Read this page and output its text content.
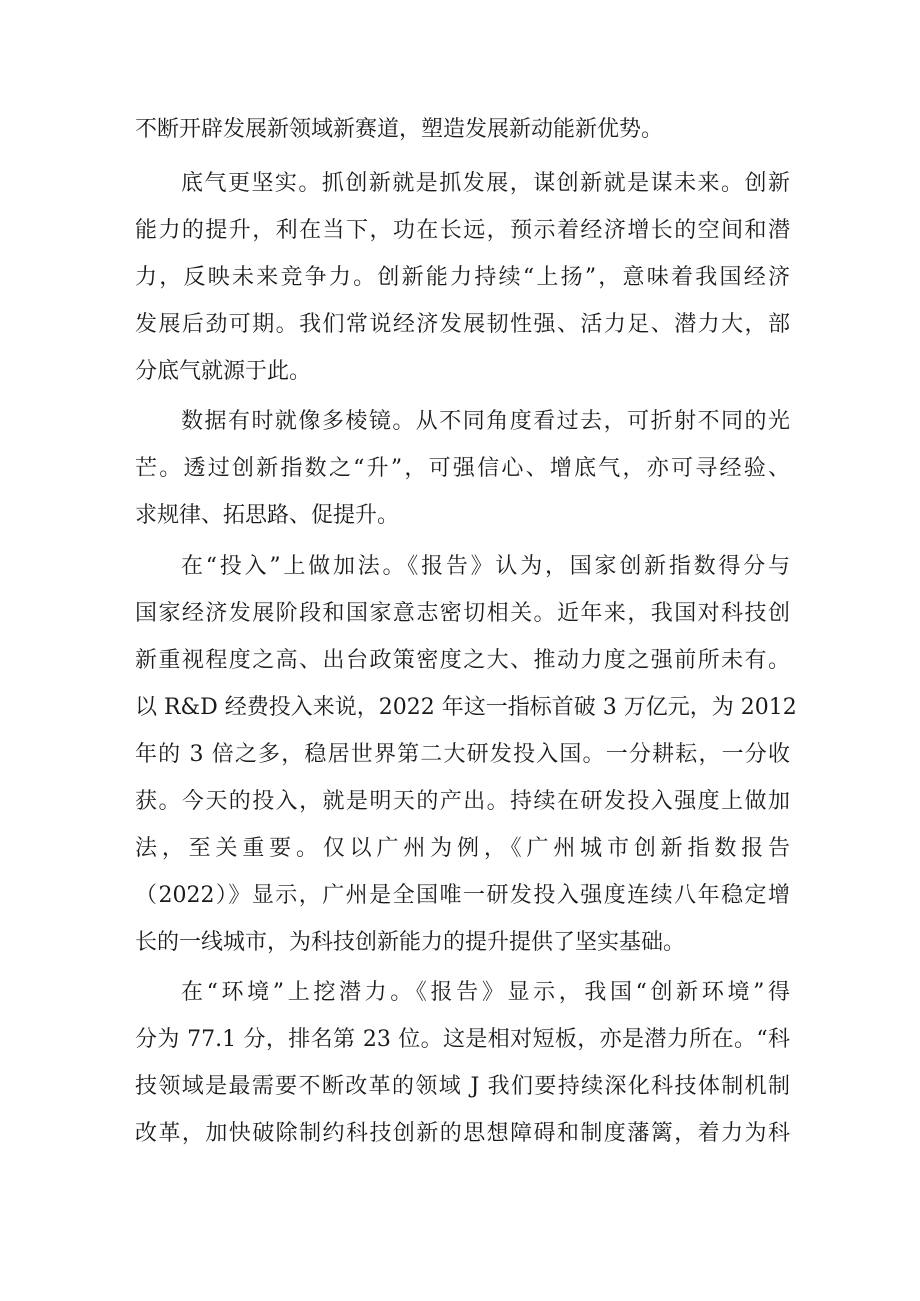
不断开辟发展新领域新赛道，塑造发展新动能新优势。
底气更坚实。抓创新就是抓发展，谋创新就是谋未来。创新
能力的提升，利在当下，功在长远，预示着经济增长的空间和潜
力，反映未来竞争力。创新能力持续“上扬”，意味着我国经济
发展后劲可期。我们常说经济发展韧性强、活力足、潜力大，部
分底气就源于此。
数据有时就像多棱镜。从不同角度看过去，可折射不同的光
芒。透过创新指数之“升”，可强信心、增底气，亦可寻经验、
求规律、拓思路、促提升。
在“投入”上做加法。《报告》认为，国家创新指数得分与
国家经济发展阶段和国家意志密切相关。近年来，我国对科技创
新重视程度之高、出台政策密度之大、推动力度之强前所未有。
以 R&D 经费投入来说，2022 年这一指标首破 3 万亿元，为 2012
年的 3 倍之多，稳居世界第二大研发投入国。一分耕耘，一分收
获。今天的投入，就是明天的产出。持续在研发投入强度上做加
法，至关重要。仅以广州为例，《广州城市创新指数报告
（2022）》显示，广州是全国唯一研发投入强度连续八年稳定增
长的一线城市，为科技创新能力的提升提供了坚实基础。
在“环境”上挖潜力。《报告》显示，我国“创新环境”得
分为 77.1 分，排名第 23 位。这是相对短板，亦是潜力所在。“科
技领域是最需要不断改革的领域 J 我们要持续深化科技体制机制
改革，加快破除制约科技创新的思想障碍和制度藩篱，着力为科
